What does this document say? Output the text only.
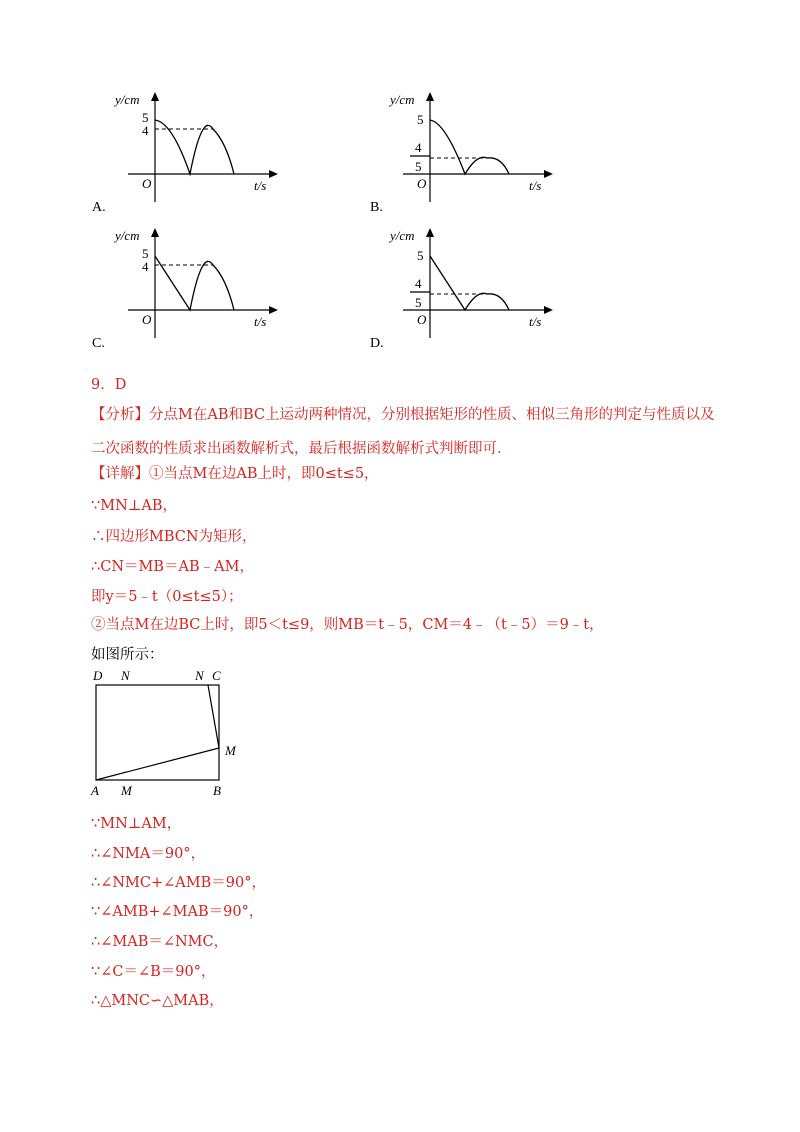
y/cm
5
4
O	t/s
A.
y/cm
5
4
5
O	t/s
B.
y/cm
5
4
O	t/s
C.
y/cm
5
4
5
O	t/s
D.
9．D
【分析】分点M在AB和BC上运动两种情况，分别根据矩形的性质、相似三角形的判定与性质以及二次函数的性质求出函数解析式，最后根据函数解析式判断即可．
【详解】①当点M在边AB上时，即0≤t≤5，
∵MN⊥AB，
∴四边形MBCN为矩形，
∴CN＝MB＝AB﹣AM，
即y＝5﹣t（0≤t≤5）；
②当点M在边BC上时，即5＜t≤9，则MB＝t﹣5，CM＝4﹣（t﹣5）＝9﹣t，
如图所示：
D N	N C
M
A M	B
∵MN⊥AM，
∴∠NMA＝90°，
∴∠NMC+∠AMB＝90°，
∵∠AMB+∠MAB＝90°，
∴∠MAB＝∠NMC，
∵∠C＝∠B＝90°，
∴△MNC∽△MAB，
